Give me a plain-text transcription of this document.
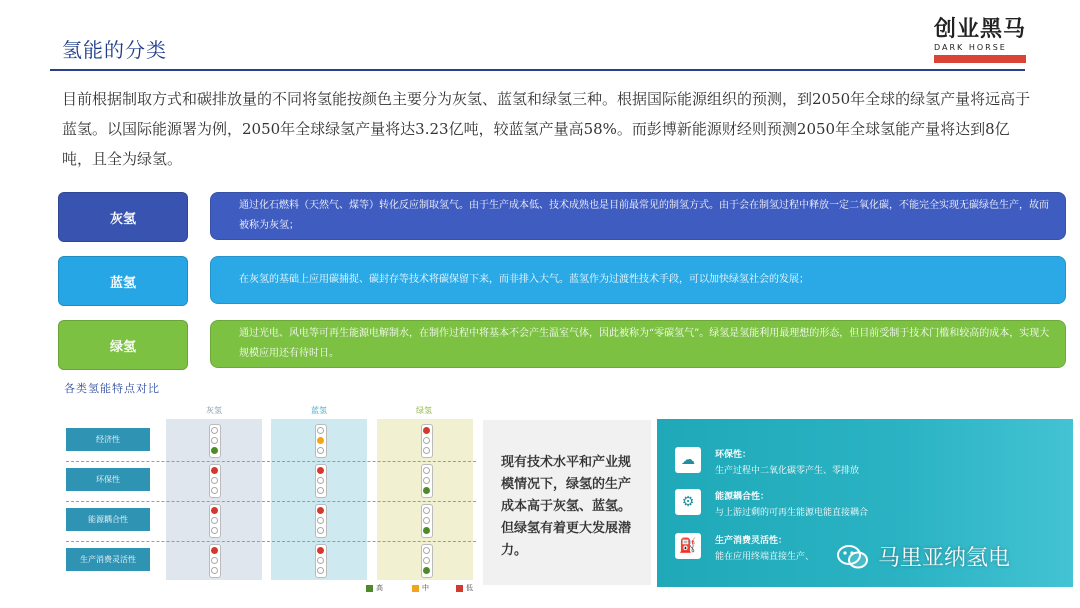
氢能的分类
创业黑马
DARK HORSE
目前根据制取方式和碳排放量的不同将氢能按颜色主要分为灰氢、蓝氢和绿氢三种。根据国际能源组织的预测，到2050年全球的绿氢产量将远高于蓝氢。以国际能源署为例，2050年全球绿氢产量将达3.23亿吨，较蓝氢产量高58%。而彭博新能源财经则预测2050年全球氢能产量将达到8亿吨，且全为绿氢。
灰氢
通过化石燃料（天然气、煤等）转化反应制取氢气。由于生产成本低、技术成熟也是目前最常见的制氢方式。由于会在制氢过程中释放一定二氧化碳，不能完全实现无碳绿色生产，故而被称为灰氢；
蓝氢	在灰氢的基础上应用碳捕捉、碳封存等技术将碳保留下来，而非排入大气。蓝氢作为过渡性技术手段，可以加快绿氢社会的发展；
绿氢
通过光电、风电等可再生能源电解制水，在制作过程中将基本不会产生温室气体，因此被称为“零碳氢气”。绿氢是氢能利用最理想的形态，但目前受制于技术门槛和较高的成本，实现大规模应用还有待时日。
各类氢能特点对比
灰氢	蓝氢	绿氢
经济性
环保性
能源耦合性
生产消费灵活性
高	中	低

现有技术水平和产业规模情况下，绿氢的生产成本高于灰氢、蓝氢。但绿氢有着更大发展潜力。

☁	环保性：
生产过程中二氧化碳零产生、零排放
⚙	能源耦合性：
与上游过剩的可再生能源电能直接耦合
⛽	生产消费灵活性：
能在应用终端直接生产、	马里亚纳氢电
